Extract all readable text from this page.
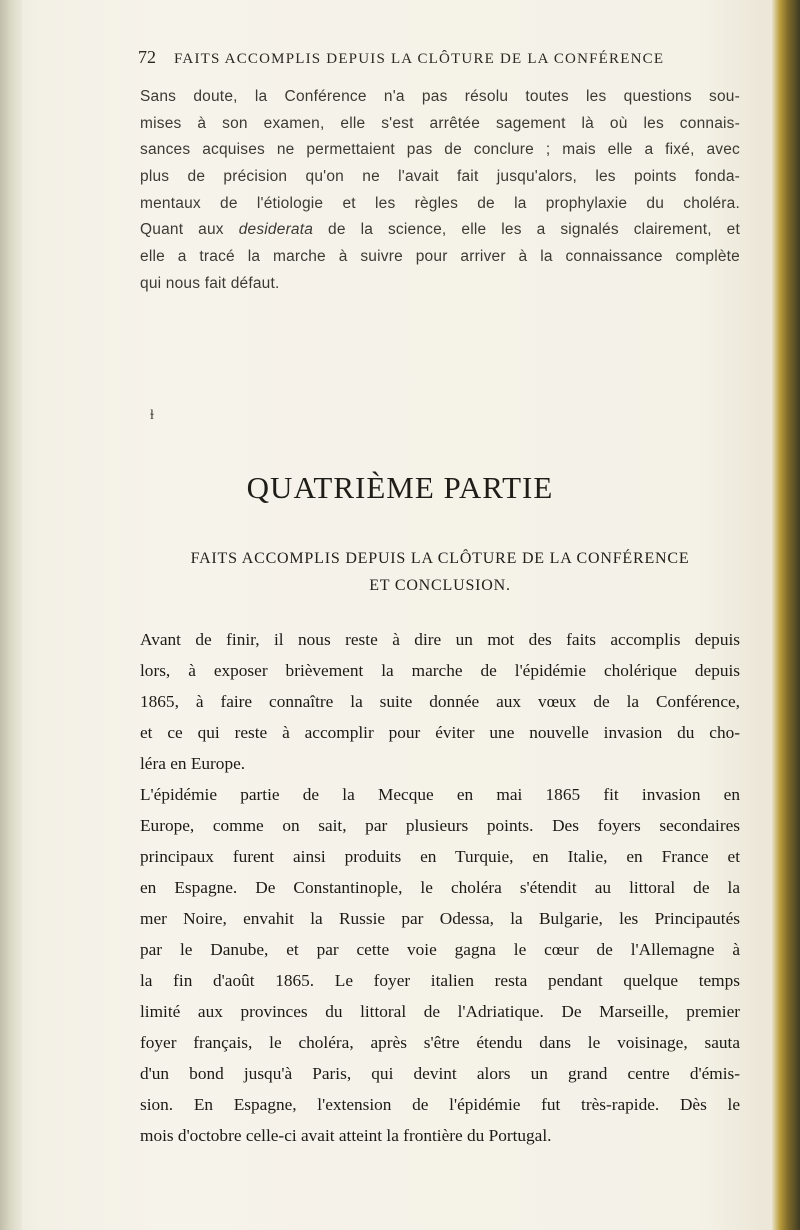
72 FAITS ACCOMPLIS DEPUIS LA CLÔTURE DE LA CONFÉRENCE
Sans doute, la Conférence n'a pas résolu toutes les questions sou-
mises à son examen, elle s'est arrêtée sagement là où les connais-
sances acquises ne permettaient pas de conclure ; mais elle a fixé, avec
plus de précision qu'on ne l'avait fait jusqu'alors, les points fonda-
mentaux de l'étiologie et les règles de la prophylaxie du choléra.
Quant aux desiderata de la science, elle les a signalés clairement, et
elle a tracé la marche à suivre pour arriver à la connaissance complète
qui nous fait défaut.
ɫ
QUATRIÈME PARTIE
FAITS ACCOMPLIS DEPUIS LA CLÔTURE DE LA CONFÉRENCE
ET CONCLUSION.
Avant de finir, il nous reste à dire un mot des faits accomplis depuis
lors, à exposer brièvement la marche de l'épidémie cholérique depuis
1865, à faire connaître la suite donnée aux vœux de la Conférence,
et ce qui reste à accomplir pour éviter une nouvelle invasion du cho-
léra en Europe.
L'épidémie partie de la Mecque en mai 1865 fit invasion en
Europe, comme on sait, par plusieurs points. Des foyers secondaires
principaux furent ainsi produits en Turquie, en Italie, en France et
en Espagne. De Constantinople, le choléra s'étendit au littoral de la
mer Noire, envahit la Russie par Odessa, la Bulgarie, les Principautés
par le Danube, et par cette voie gagna le cœur de l'Allemagne à
la fin d'août 1865. Le foyer italien resta pendant quelque temps
limité aux provinces du littoral de l'Adriatique. De Marseille, premier
foyer français, le choléra, après s'être étendu dans le voisinage, sauta
d'un bond jusqu'à Paris, qui devint alors un grand centre d'émis-
sion. En Espagne, l'extension de l'épidémie fut très-rapide. Dès le
mois d'octobre celle-ci avait atteint la frontière du Portugal.
